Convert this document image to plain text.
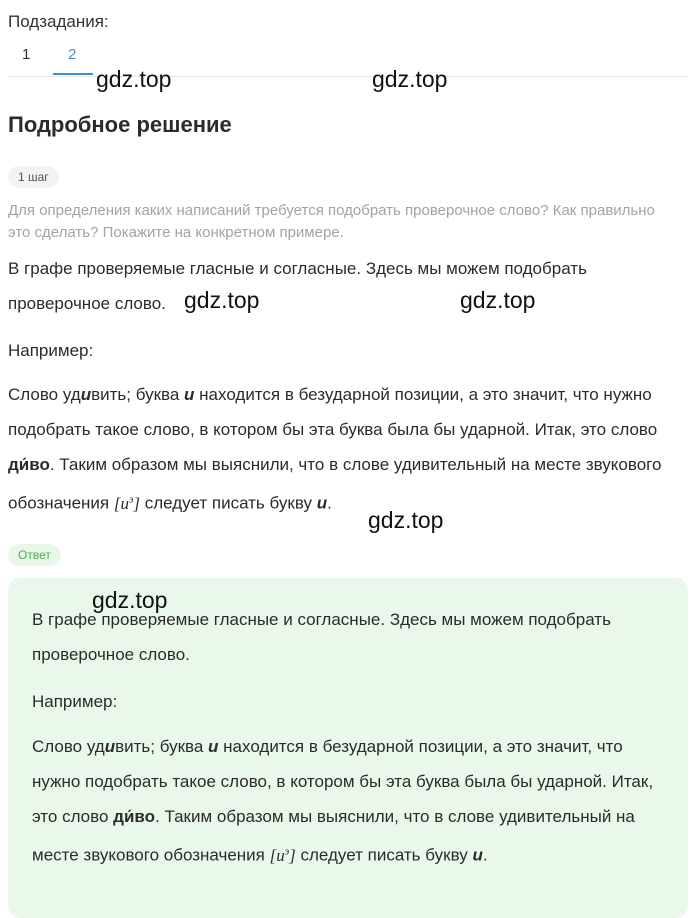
Подзадания:
1	2
Подробное решение
1 шаг
Для определения каких написаний требуется подобрать проверочное слово? Как правильно это сделать? Покажите на конкретном примере.
В графе проверяемые гласные и согласные. Здесь мы можем подобрать проверочное слово.
Например:
Слово удивить; буква и находится в безударной позиции, а это значит, что нужно подобрать такое слово, в котором бы эта буква была бы ударной. Итак, это слово ди́во. Таким образом мы выяснили, что в слове удивительный на месте звукового обозначения $[и^э]$ следует писать букву и.
Ответ
В графе проверяемые гласные и согласные. Здесь мы можем подобрать проверочное слово.
Например:
Слово удивить; буква и находится в безударной позиции, а это значит, что нужно подобрать такое слово, в котором бы эта буква была бы ударной. Итак, это слово ди́во. Таким образом мы выяснили, что в слове удивительный на месте звукового обозначения $[и^э]$ следует писать букву и.
gdz.top	gdz.top
gdz.top	gdz.top
gdz.top
gdz.top
